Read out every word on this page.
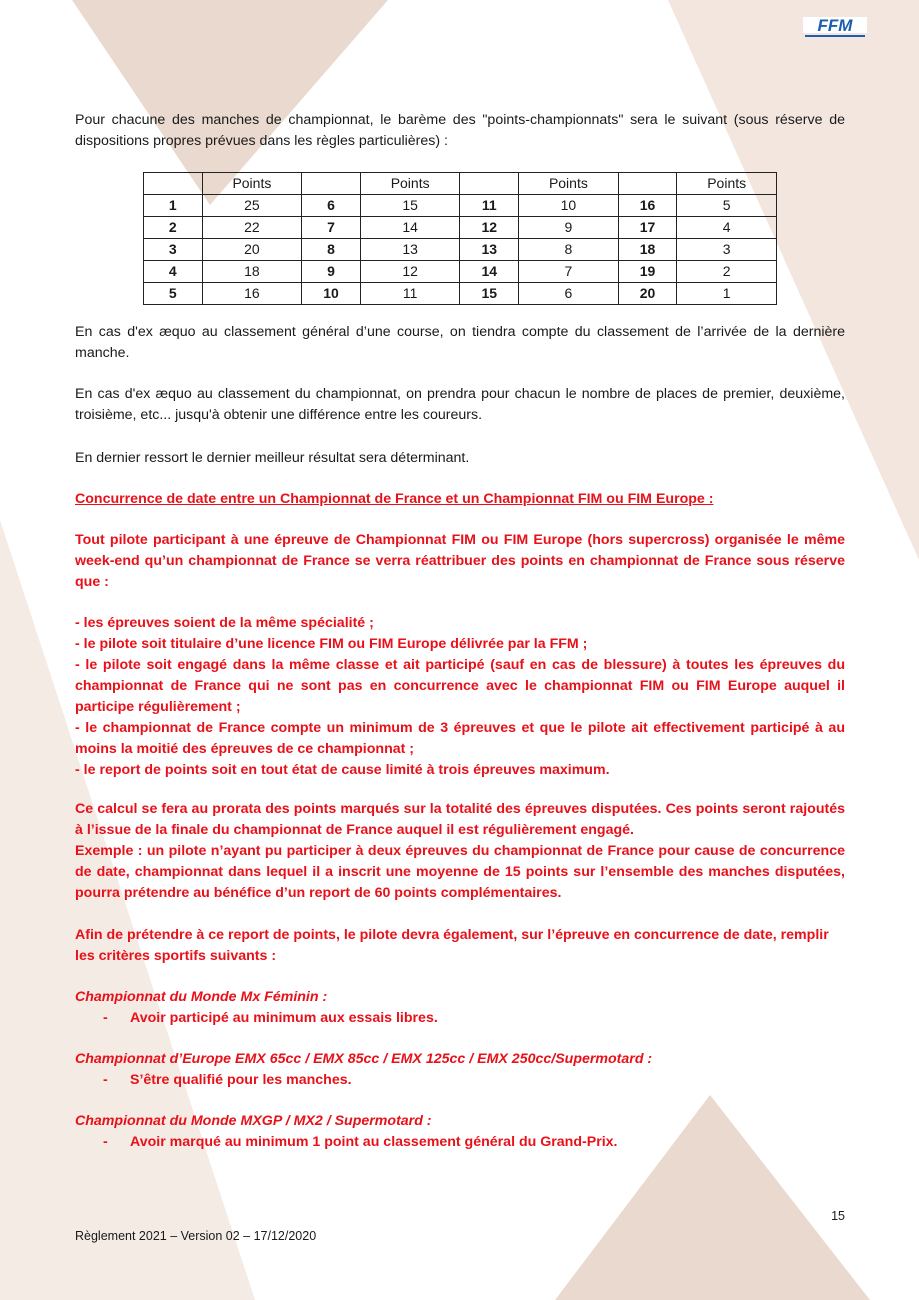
FFM

Pour chacune des manches de championnat, le barème des "points-championnats" sera le suivant (sous réserve de dispositions propres prévues dans les règles particulières) :

	Points		Points		Points		Points
1	25	6	15	11	10	16	5
2	22	7	14	12	9	17	4
3	20	8	13	13	8	18	3
4	18	9	12	14	7	19	2
5	16	10	11	15	6	20	1

En cas d'ex æquo au classement général d’une course, on tiendra compte du classement de l’arrivée de la dernière manche.

En cas d'ex æquo au classement du championnat, on prendra pour chacun le nombre de places de premier, deuxième, troisième, etc... jusqu'à obtenir une différence entre les coureurs.

En dernier ressort le dernier meilleur résultat sera déterminant.

Concurrence de date entre un Championnat de France et un Championnat FIM ou FIM Europe :

Tout pilote participant à une épreuve de Championnat FIM ou FIM Europe (hors supercross) organisée le même week-end qu’un championnat de France se verra réattribuer des points en championnat de France sous réserve que :

- les épreuves soient de la même spécialité ;

- le pilote soit titulaire d’une licence FIM ou FIM Europe délivrée par la FFM ;

- le pilote soit engagé dans la même classe et ait participé (sauf en cas de blessure) à toutes les épreuves du championnat de France qui ne sont pas en concurrence avec le championnat FIM ou FIM Europe auquel il participe régulièrement ;

- le championnat de France compte un minimum de 3 épreuves et que le pilote ait effectivement participé à au moins la moitié des épreuves de ce championnat ;

- le report de points soit en tout état de cause limité à trois épreuves maximum.

Ce calcul se fera au prorata des points marqués sur la totalité des épreuves disputées. Ces points seront rajoutés à l’issue de la finale du championnat de France auquel il est régulièrement engagé.

Exemple : un pilote n’ayant pu participer à deux épreuves du championnat de France pour cause de concurrence de date, championnat dans lequel il a inscrit une moyenne de 15 points sur l’ensemble des manches disputées, pourra prétendre au bénéfice d’un report de 60 points complémentaires.

Afin de prétendre à ce report de points, le pilote devra également, sur l’épreuve en concurrence de date, remplir les critères sportifs suivants :

Championnat du Monde Mx Féminin :

-	Avoir participé au minimum aux essais libres.

Championnat d’Europe EMX 65cc / EMX 85cc / EMX 125cc / EMX 250cc/Supermotard :

-	S’être qualifié pour les manches.

Championnat du Monde MXGP / MX2 / Supermotard :

-	Avoir marqué au minimum 1 point au classement général du Grand-Prix.
15
Règlement 2021 – Version 02 – 17/12/2020
